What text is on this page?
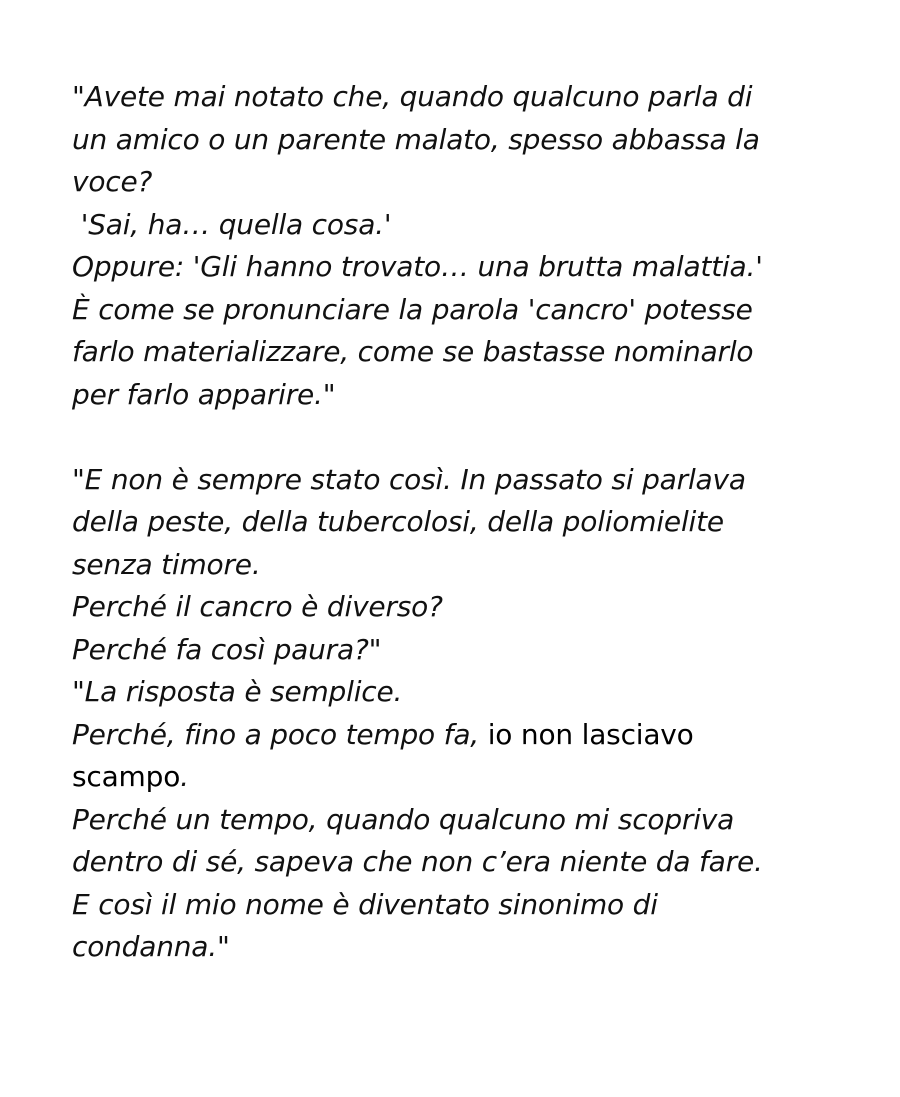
"Avete mai notato che, quando qualcuno parla di
un amico o un parente malato, spesso abbassa la
voce?
'Sai, ha… quella cosa.'
Oppure: 'Gli hanno trovato… una brutta malattia.'
È come se pronunciare la parola 'cancro' potesse
farlo materializzare, come se bastasse nominarlo
per farlo apparire."
"E non è sempre stato così. In passato si parlava
della peste, della tubercolosi, della poliomielite
senza timore.
Perché il cancro è diverso?
Perché fa così paura?"
"La risposta è semplice.
Perché, fino a poco tempo fa, io non lasciavo
scampo.
Perché un tempo, quando qualcuno mi scopriva
dentro di sé, sapeva che non c’era niente da fare.
E così il mio nome è diventato sinonimo di
condanna."
